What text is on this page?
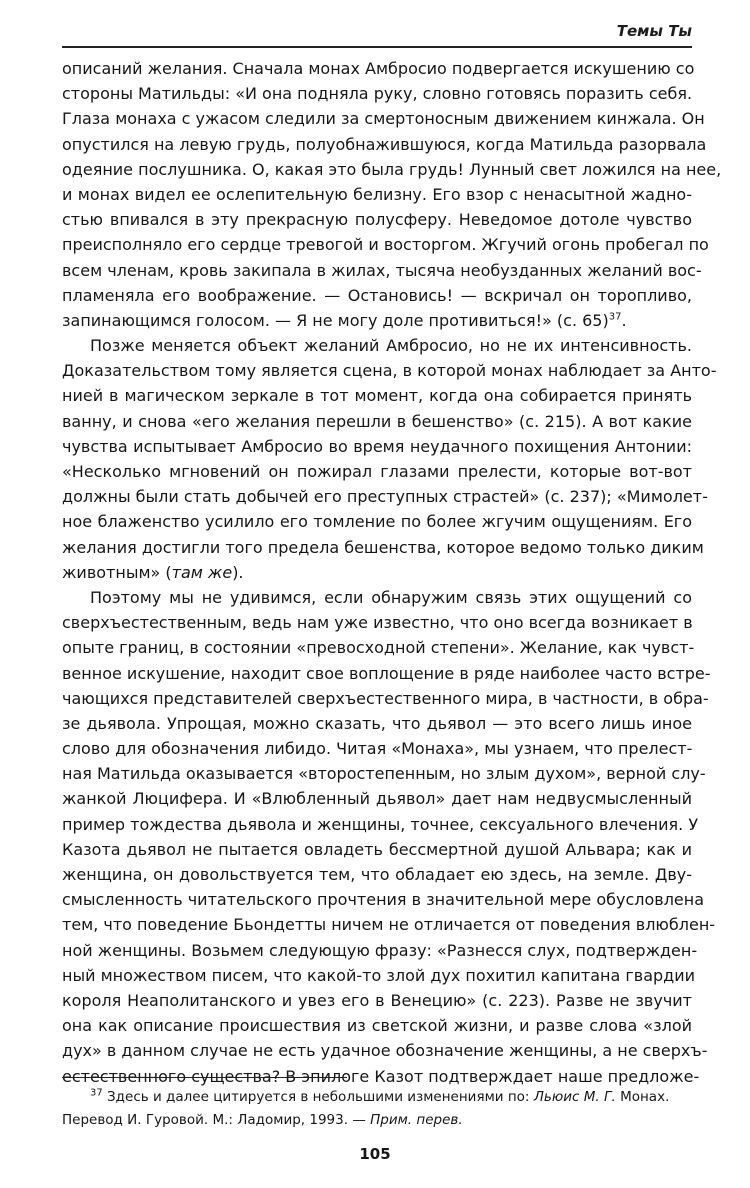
Темы Ты
описаний желания. Сначала монах Амбросио подвергается искушению со
стороны Матильды: «И она подняла руку, словно готовясь поразить себя.
Глаза монаха с ужасом следили за смертоносным движением кинжала. Он
опустился на левую грудь, полуобнажившуюся, когда Матильда разорвала
одеяние послушника. О, какая это была грудь! Лунный свет ложился на нее,
и монах видел ее ослепительную белизну. Его взор с ненасытной жадно-
стью впивался в эту прекрасную полусферу. Неведомое дотоле чувство
преисполняло его сердце тревогой и восторгом. Жгучий огонь пробегал по
всем членам, кровь закипала в жилах, тысяча необузданных желаний вос-
пламеняла его воображение. — Остановись! — вскричал он торопливо,
запинающимся голосом. — Я не могу доле противиться!» (с. 65)$^{37}$.
Позже меняется объект желаний Амбросио, но не их интенсивность.
Доказательством тому является сцена, в которой монах наблюдает за Анто-
нией в магическом зеркале в тот момент, когда она собирается принять
ванну, и снова «его желания перешли в бешенство» (с. 215). А вот какие
чувства испытывает Амбросио во время неудачного похищения Антонии:
«Несколько мгновений он пожирал глазами прелести, которые вот-вот
должны были стать добычей его преступных страстей» (с. 237); «Мимолет-
ное блаженство усилило его томление по более жгучим ощущениям. Его
желания достигли того предела бешенства, которое ведомо только диким
животным» (там же).
Поэтому мы не удивимся, если обнаружим связь этих ощущений со
сверхъестественным, ведь нам уже известно, что оно всегда возникает в
опыте границ, в состоянии «превосходной степени». Желание, как чувст-
венное искушение, находит свое воплощение в ряде наиболее часто встре-
чающихся представителей сверхъестественного мира, в частности, в обра-
зе дьявола. Упрощая, можно сказать, что дьявол — это всего лишь иное
слово для обозначения либидо. Читая «Монаха», мы узнаем, что прелест-
ная Матильда оказывается «второстепенным, но злым духом», верной слу-
жанкой Люцифера. И «Влюбленный дьявол» дает нам недвусмысленный
пример тождества дьявола и женщины, точнее, сексуального влечения. У
Казота дьявол не пытается овладеть бессмертной душой Альвара; как и
женщина, он довольствуется тем, что обладает ею здесь, на земле. Дву-
смысленность читательского прочтения в значительной мере обусловлена
тем, что поведение Бьондетты ничем не отличается от поведения влюблен-
ной женщины. Возьмем следующую фразу: «Разнесся слух, подтвержден-
ный множеством писем, что какой-то злой дух похитил капитана гвардии
короля Неаполитанского и увез его в Венецию» (с. 223). Разве не звучит
она как описание происшествия из светской жизни, и разве слова «злой
дух» в данном случае не есть удачное обозначение женщины, а не сверхъ-
естественного существа? В эпилоге Казот подтверждает наше предложе-
$^{37}$ Здесь и далее цитируется в небольшими изменениями по: Льюис М. Г. Монах.
Перевод И. Гуровой. М.: Ладомир, 1993. — Прим. перев.
105
